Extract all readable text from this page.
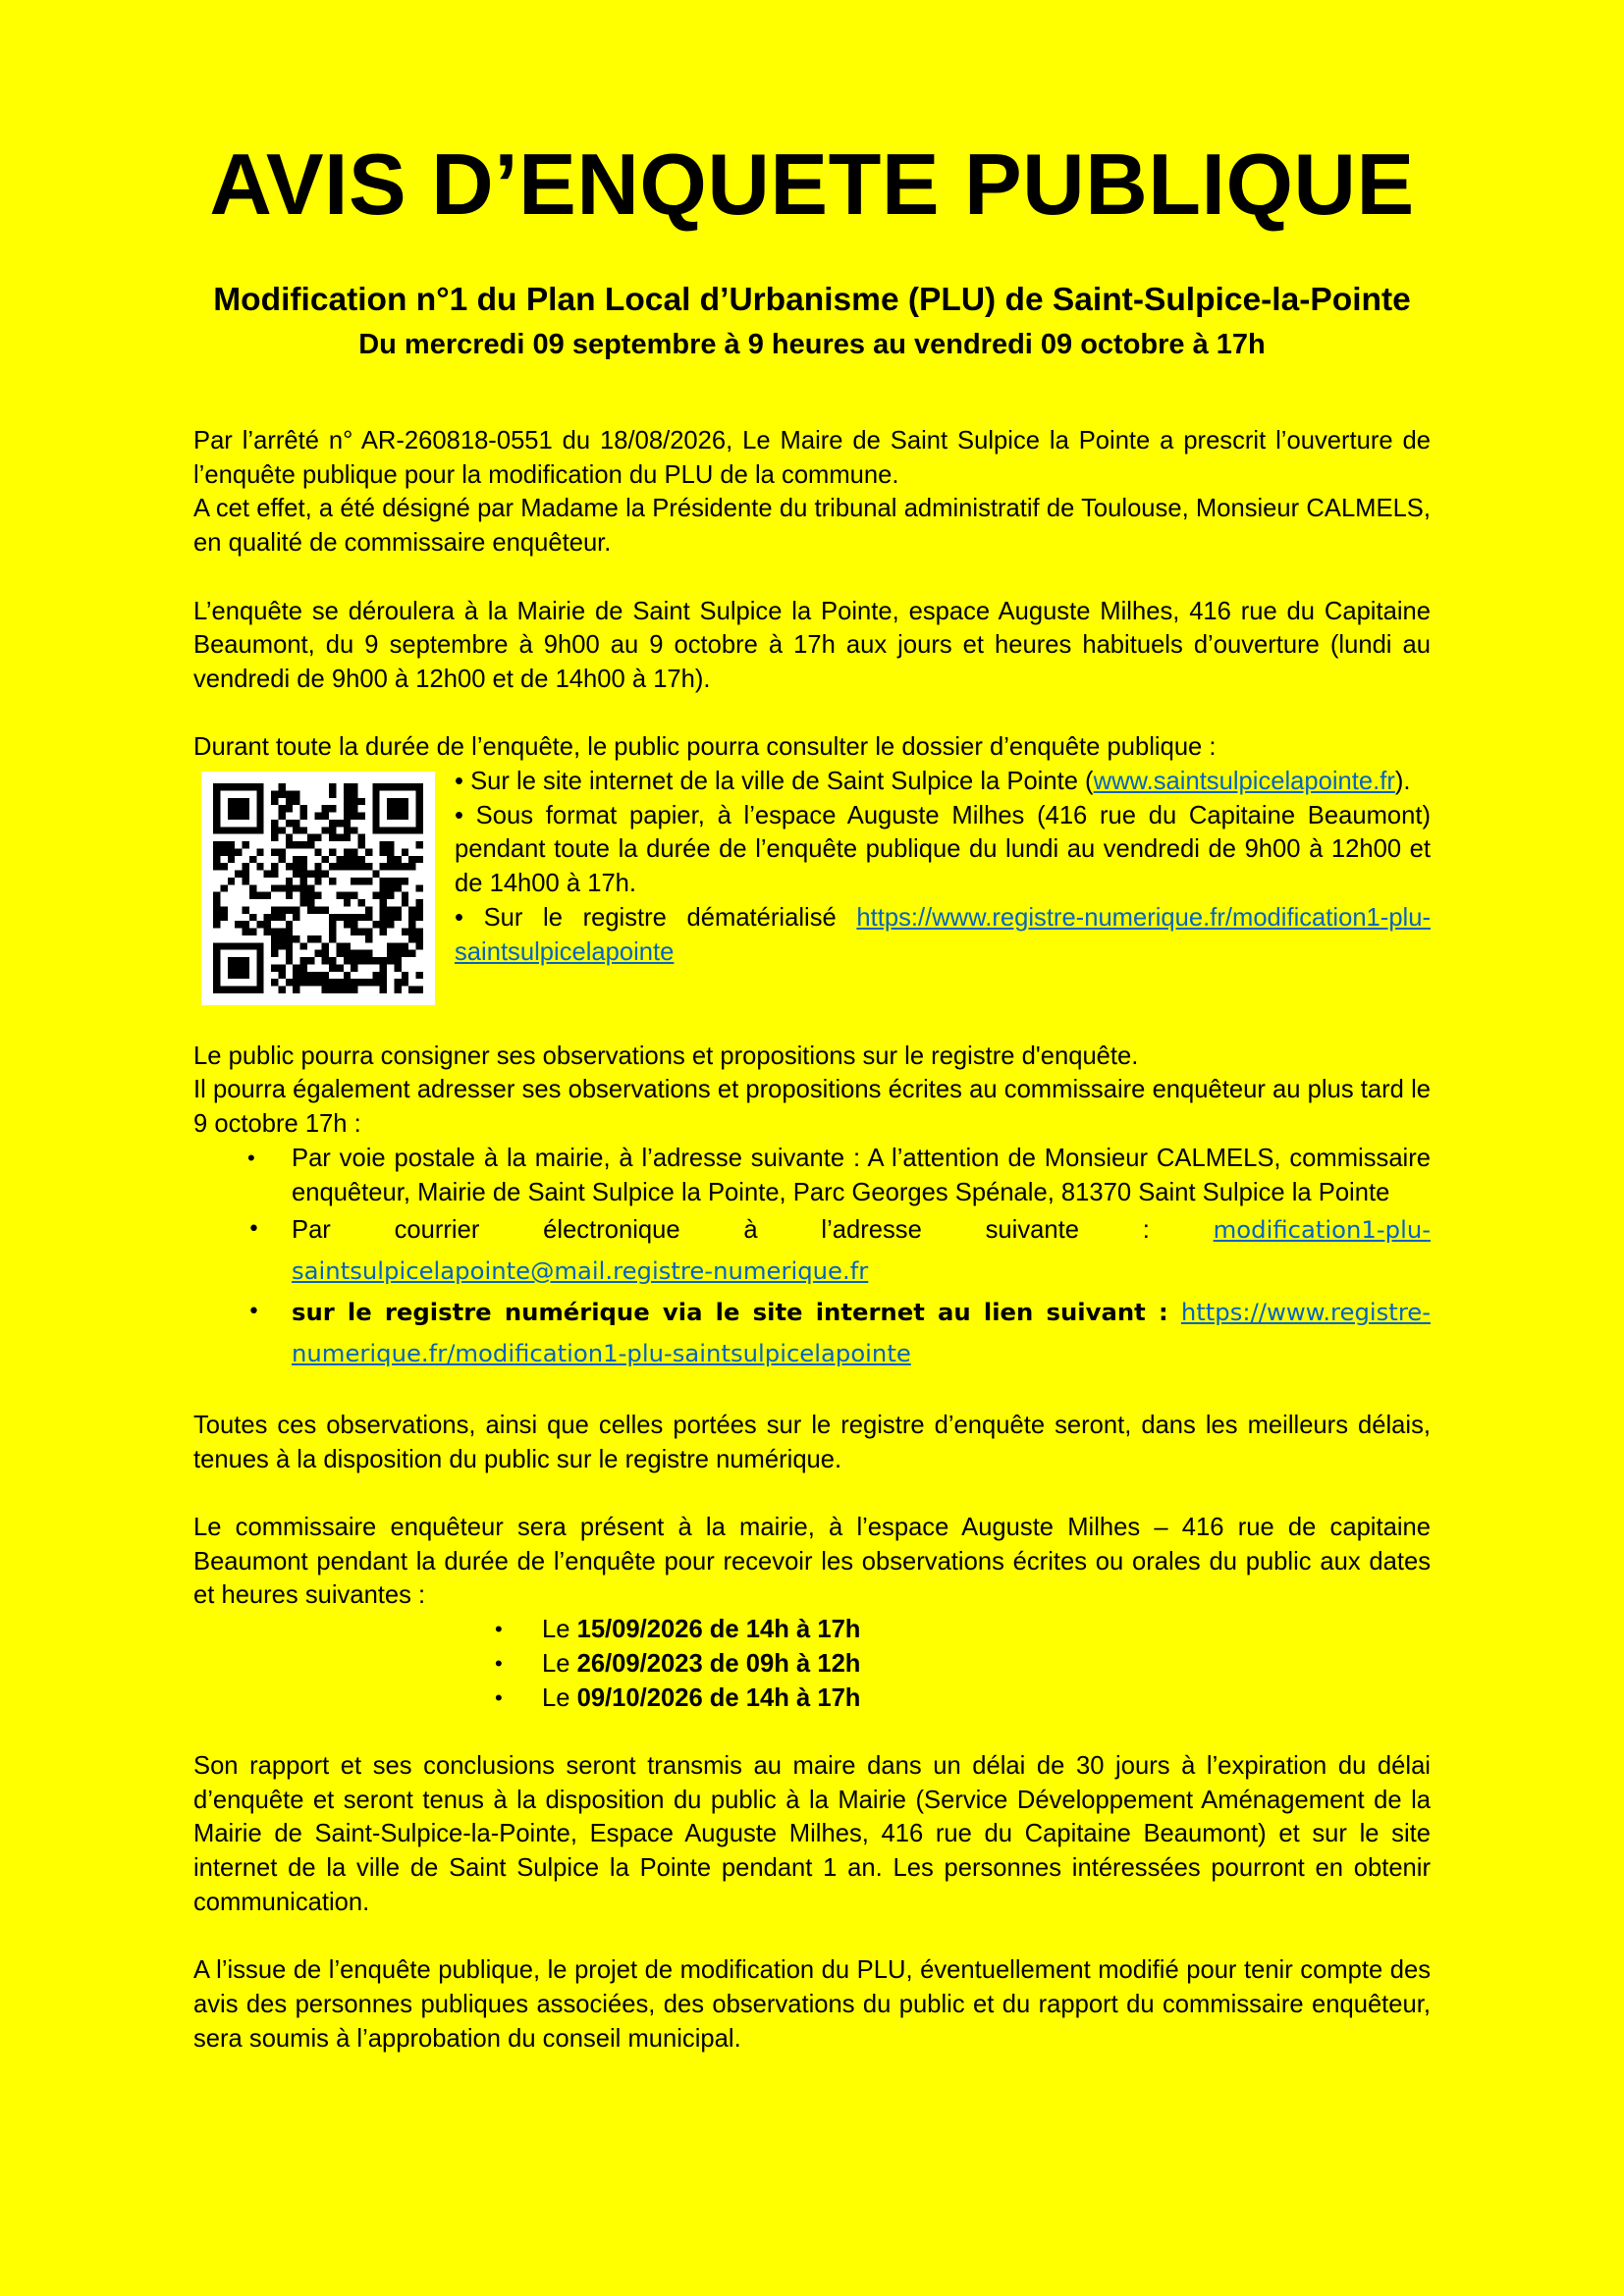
AVIS D’ENQUETE PUBLIQUE
Modification n°1 du Plan Local d’Urbanisme (PLU) de Saint-Sulpice-la-Pointe
Du mercredi 09 septembre à 9 heures au vendredi 09 octobre à 17h

Par l’arrêté n° AR-260818-0551 du 18/08/2026, Le Maire de Saint Sulpice la Pointe a prescrit l’ouverture de l’enquête publique pour la modification du PLU de la commune.

A cet effet, a été désigné par Madame la Présidente du tribunal administratif de Toulouse, Monsieur CALMELS, en qualité de commissaire enquêteur.

L’enquête se déroulera à la Mairie de Saint Sulpice la Pointe, espace Auguste Milhes, 416 rue du Capitaine Beaumont, du 9 septembre à 9h00 au 9 octobre à 17h aux jours et heures habituels d’ouverture (lundi au vendredi de 9h00 à 12h00 et de 14h00 à 17h).

Durant toute la durée de l’enquête, le public pourra consulter le dossier d’enquête publique :

• Sur le site internet de la ville de Saint Sulpice la Pointe (www.saintsulpicelapointe.fr).

• Sous format papier, à l’espace Auguste Milhes (416 rue du Capitaine Beaumont) pendant toute la durée de l’enquête publique du lundi au vendredi de 9h00 à 12h00 et de 14h00 à 17h.

• Sur le registre dématérialisé https://www.registre-numerique.fr/modification1-plu-saintsulpicelapointe

Le public pourra consigner ses observations et propositions sur le registre d'enquête.

Il pourra également adresser ses observations et propositions écrites au commissaire enquêteur au plus tard le 9 octobre 17h :

• Par voie postale à la mairie, à l’adresse suivante : A l’attention de Monsieur CALMELS, commissaire enquêteur, Mairie de Saint Sulpice la Pointe, Parc Georges Spénale, 81370 Saint Sulpice la Pointe
• Par courrier électronique à l’adresse suivante : modification1-plu-saintsulpicelapointe@mail.registre-numerique.fr
• sur le registre numérique via le site internet au lien suivant : https://www.registre-numerique.fr/modification1-plu-saintsulpicelapointe

Toutes ces observations, ainsi que celles portées sur le registre d’enquête seront, dans les meilleurs délais, tenues à la disposition du public sur le registre numérique.

Le commissaire enquêteur sera présent à la mairie, à l’espace Auguste Milhes – 416 rue de capitaine Beaumont pendant la durée de l’enquête pour recevoir les observations écrites ou orales du public aux dates et heures suivantes :

• Le 15/09/2026 de 14h à 17h
• Le 26/09/2023 de 09h à 12h
• Le 09/10/2026 de 14h à 17h

Son rapport et ses conclusions seront transmis au maire dans un délai de 30 jours à l’expiration du délai d’enquête et seront tenus à la disposition du public à la Mairie (Service Développement Aménagement de la Mairie de Saint-Sulpice-la-Pointe, Espace Auguste Milhes, 416 rue du Capitaine Beaumont) et sur le site internet de la ville de Saint Sulpice la Pointe pendant 1 an. Les personnes intéressées pourront en obtenir communication.

A l’issue de l’enquête publique, le projet de modification du PLU, éventuellement modifié pour tenir compte des avis des personnes publiques associées, des observations du public et du rapport du commissaire enquêteur, sera soumis à l’approbation du conseil municipal.
